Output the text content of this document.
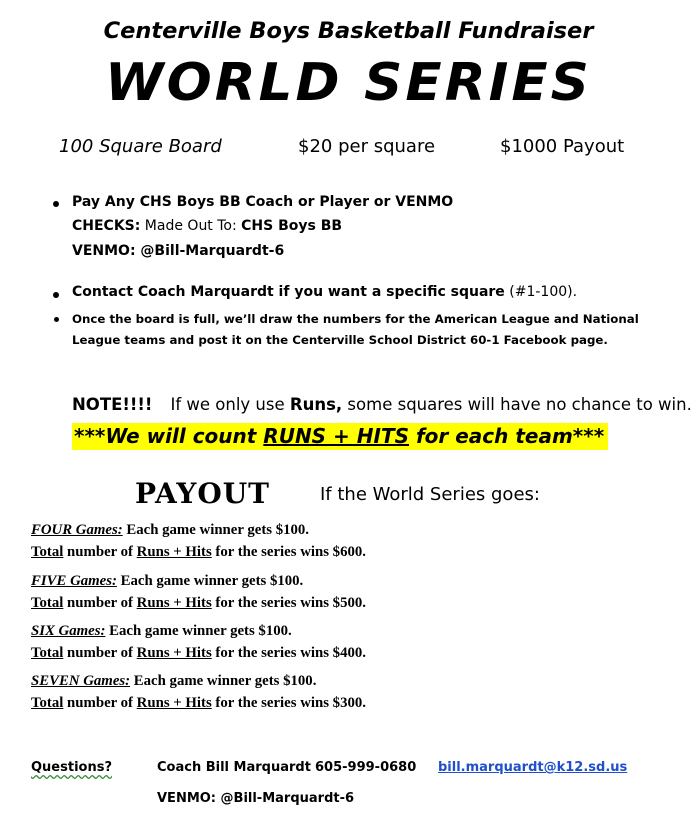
Centerville Boys Basketball Fundraiser
WORLD SERIES
100 Square Board	$20 per square	$1000 Payout
Pay Any CHS Boys BB Coach or Player or VENMO
CHECKS: Made Out To: CHS Boys BB
VENMO: @Bill-Marquardt-6
Contact Coach Marquardt if you want a specific square (#1-100).
Once the board is full, we’ll draw the numbers for the American League and National League teams and post it on the Centerville School District 60-1 Facebook page.
NOTE!!!! If we only use Runs, some squares will have no chance to win.
***We will count RUNS + HITS for each team***
PAYOUT	If the World Series goes:
FOUR Games: Each game winner gets $100.
Total number of Runs + Hits for the series wins $600.
FIVE Games: Each game winner gets $100.
Total number of Runs + Hits for the series wins $500.
SIX Games: Each game winner gets $100.
Total number of Runs + Hits for the series wins $400.
SEVEN Games: Each game winner gets $100.
Total number of Runs + Hits for the series wins $300.
Questions?	Coach Bill Marquardt 605-999-0680 bill.marquardt@k12.sd.us
VENMO: @Bill-Marquardt-6
